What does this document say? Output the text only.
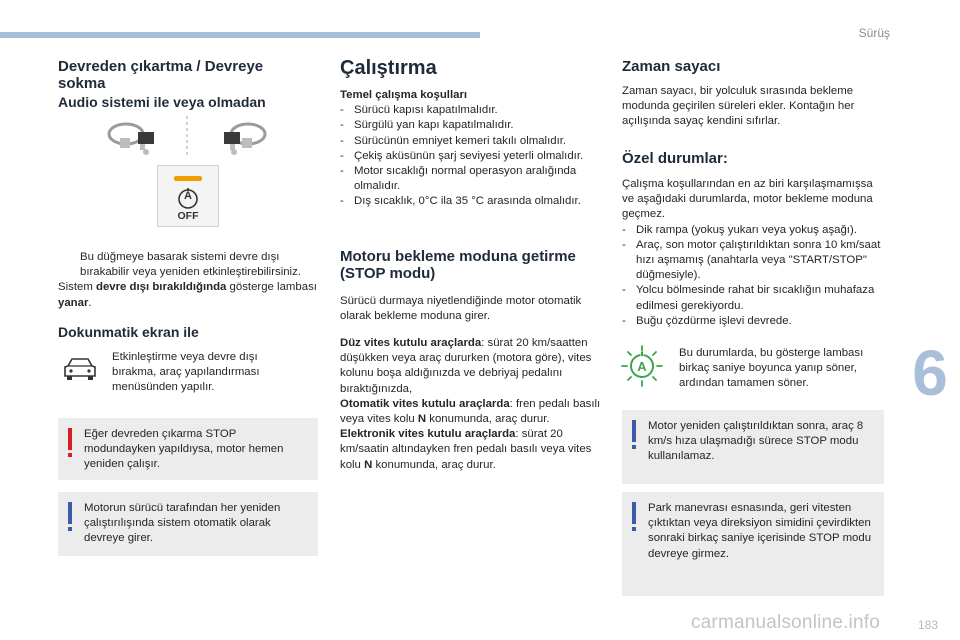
Sürüş
6
carmanualsonline.info	183
Devreden çıkartma / Devreye sokma
Audio sistemi ile veya olmadan
A
OFF
Bu düğmeye basarak sistemi devre dışı bırakabilir veya yeniden etkinleştirebilirsiniz.
Sistem devre dışı bırakıldığında gösterge lambası yanar.
Dokunmatik ekran ile
Etkinleştirme veya devre dışı bırakma, araç yapılandırması menüsünden yapılır.
Eğer devreden çıkarma STOP modundayken yapıldıysa, motor hemen yeniden çalışır.
Motorun sürücü tarafından her yeniden çalıştırılışında sistem otomatik olarak devreye girer.
Çalıştırma
Temel çalışma koşulları
- Sürücü kapısı kapatılmalıdır.
- Sürgülü yan kapı kapatılmalıdır.
- Sürücünün emniyet kemeri takılı olmalıdır.
- Çekiş aküsünün şarj seviyesi yeterli olmalıdır.
- Motor sıcaklığı normal operasyon aralığında olmalıdır.
- Dış sıcaklık, 0°C ila 35 °C arasında olmalıdır.
Motoru bekleme moduna getirme (STOP modu)
Sürücü durmaya niyetlendiğinde motor otomatik olarak bekleme moduna girer.
Düz vites kutulu araçlarda: sürat 20 km/saatten düşükken veya araç dururken (motora göre), vites kolunu boşa aldığınızda ve debriyaj pedalını bıraktığınızda,
Otomatik vites kutulu araçlarda: fren pedalı basılı veya vites kolu N konumunda, araç durur.
Elektronik vites kutulu araçlarda: sürat 20 km/saatin altındayken fren pedalı basılı veya vites kolu N konumunda, araç durur.
Zaman sayacı
Zaman sayacı, bir yolculuk sırasında bekleme modunda geçirilen süreleri ekler. Kontağın her açılışında sayaç kendini sıfırlar.
Özel durumlar:
Çalışma koşullarından en az biri karşılaşmamışsa ve aşağıdaki durumlarda, motor bekleme moduna geçmez.
- Dik rampa (yokuş yukarı veya yokuş aşağı).
- Araç, son motor çalıştırıldıktan sonra 10 km/saat hızı aşmamış (anahtarla veya "START/STOP" düğmesiyle).
- Yolcu bölmesinde rahat bir sıcaklığın muhafaza edilmesi gerekiyordu.
- Buğu çözdürme işlevi devrede.
A
Bu durumlarda, bu gösterge lambası birkaç saniye boyunca yanıp söner, ardından tamamen söner.
Motor yeniden çalıştırıldıktan sonra, araç 8 km/s hıza ulaşmadığı sürece STOP modu kullanılamaz.
Park manevrası esnasında, geri vitesten çıktıktan veya direksiyon simidini çevirdikten sonraki birkaç saniye içerisinde STOP modu devreye girmez.
